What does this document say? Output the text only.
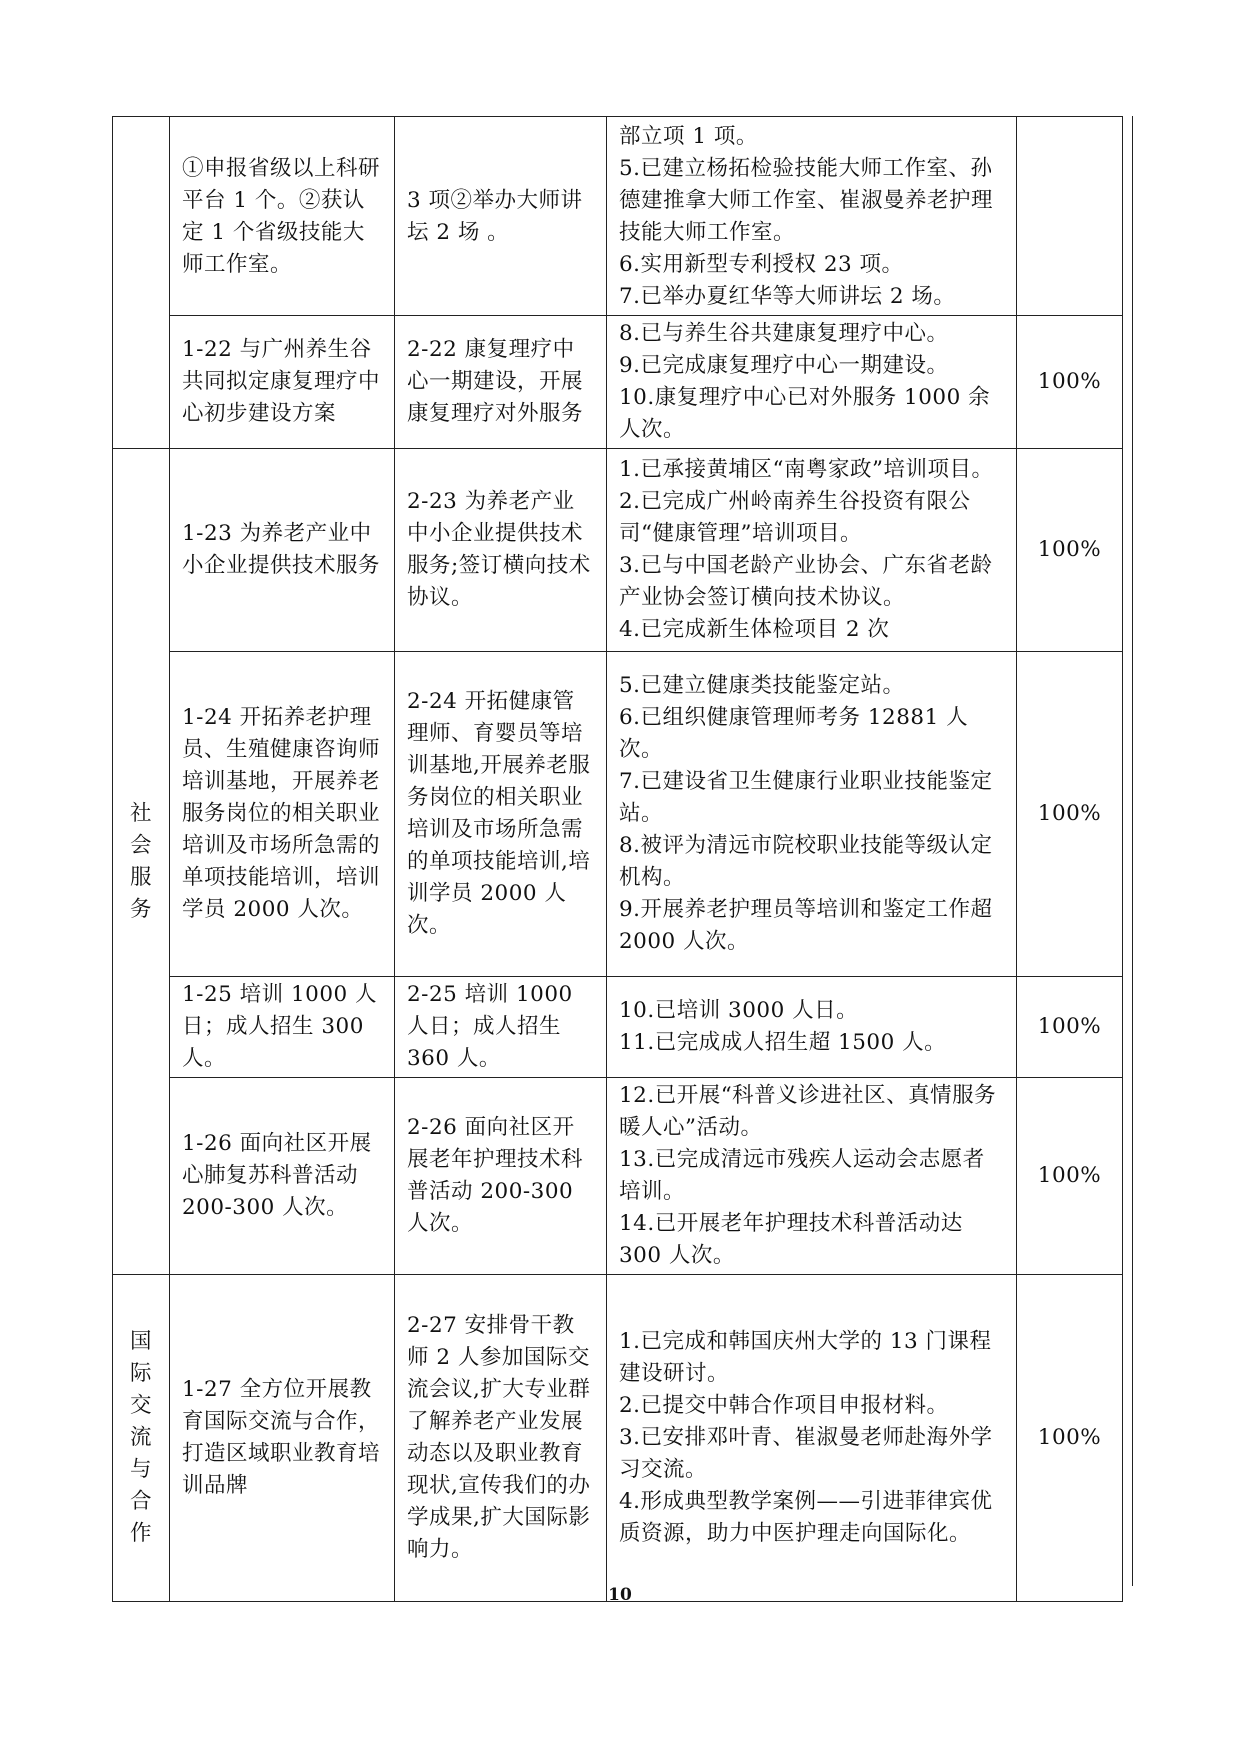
	①申报省级以上科研平台 1 个。②获认定 1 个省级技能大师工作室。	3 项②举办大师讲坛 2 场 。	部立项 1 项。
5.已建立杨拓检验技能大师工作室、孙德建推拿大师工作室、崔淑曼养老护理技能大师工作室。
6.实用新型专利授权 23 项。
7.已举办夏红华等大师讲坛 2 场。	

	1-22 与广州养生谷共同拟定康复理疗中心初步建设方案	2-22 康复理疗中心一期建设，开展康复理疗对外服务	8.已与养生谷共建康复理疗中心。
9.已完成康复理疗中心一期建设。
10.康复理疗中心已对外服务 1000 余人次。	100%
社会服务	1-23 为养老产业中小企业提供技术服务	2-23 为养老产业中小企业提供技术服务;签订横向技术协议。	1.已承接黄埔区“南粤家政”培训项目。
2.已完成广州岭南养生谷投资有限公司“健康管理”培训项目。
3.已与中国老龄产业协会、广东省老龄产业协会签订横向技术协议。
4.已完成新生体检项目 2 次	100%
	1-24 开拓养老护理员、生殖健康咨询师培训基地，开展养老服务岗位的相关职业培训及市场所急需的单项技能培训，培训学员 2000 人次。	2-24 开拓健康管理师、育婴员等培训基地,开展养老服务岗位的相关职业培训及市场所急需的单项技能培训,培训学员 2000 人次。	5.已建立健康类技能鉴定站。
6.已组织健康管理师考务 12881 人次。
7.已建设省卫生健康行业职业技能鉴定站。
8.被评为清远市院校职业技能等级认定机构。
9.开展养老护理员等培训和鉴定工作超 2000 人次。	100%
	1-25 培训 1000 人日；成人招生 300 人。	2-25 培训 1000 人日；成人招生 360 人。	10.已培训 3000 人日。
11.已完成成人招生超 1500 人。	100%
	1-26 面向社区开展心肺复苏科普活动 200-300 人次。	2-26 面向社区开展老年护理技术科普活动 200-300 人次。	12.已开展“科普义诊进社区、真情服务暖人心”活动。
13.已完成清远市残疾人运动会志愿者培训。
14.已开展老年护理技术科普活动达 300 人次。	100%
国际交流与合作	1-27 全方位开展教育国际交流与合作，打造区域职业教育培训品牌	2-27 安排骨干教师 2 人参加国际交流会议,扩大专业群了解养老产业发展动态以及职业教育现状,宣传我们的办学成果,扩大国际影响力。	1.已完成和韩国庆州大学的 13 门课程建设研讨。
2.已提交中韩合作项目申报材料。
3.已安排邓叶青、崔淑曼老师赴海外学习交流。
4.形成典型教学案例——引进菲律宾优质资源，助力中医护理走向国际化。	100%
10
